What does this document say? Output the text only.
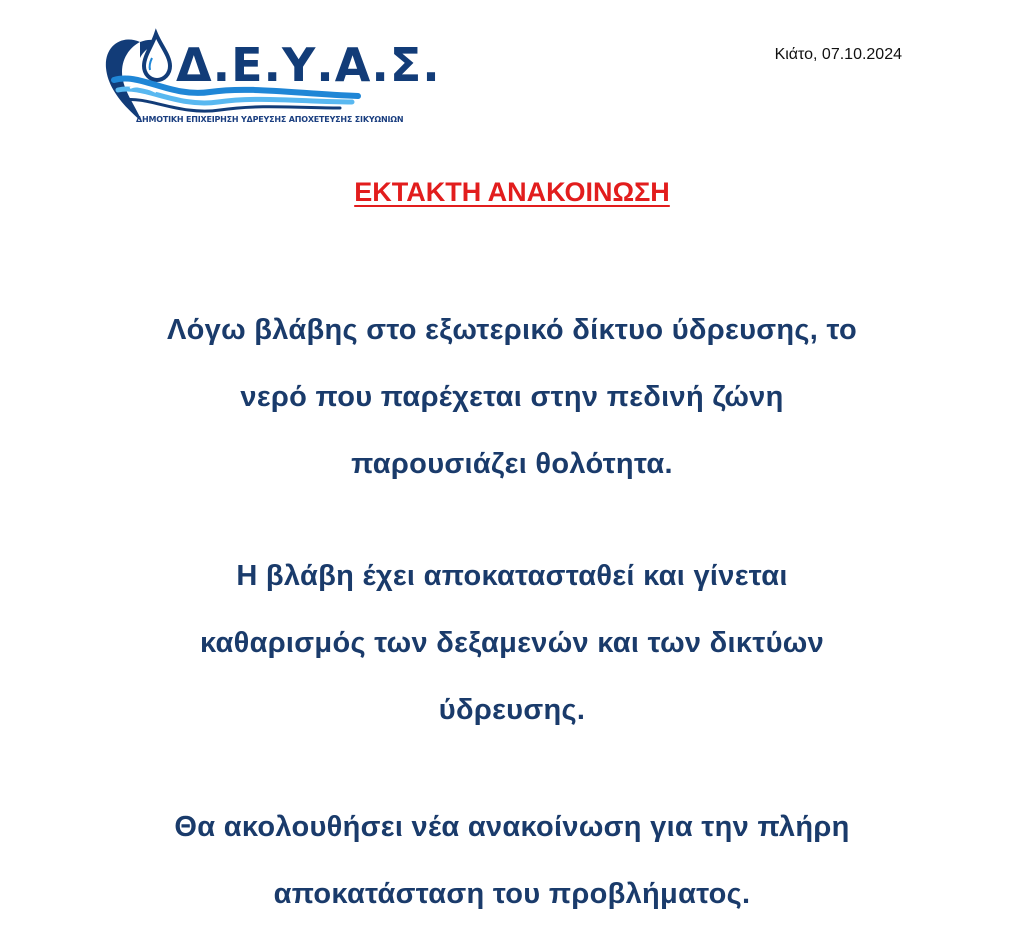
Δ.Ε.Υ.Α.Σ.
ΔΗΜΟΤΙΚΗ ΕΠΙΧΕΙΡΗΣΗ ΥΔΡΕΥΣΗΣ ΑΠΟΧΕΤΕΥΣΗΣ ΣΙΚΥΩΝΙΩΝ
Κιάτο, 07.10.2024
ΕΚΤΑΚΤΗ ΑΝΑΚΟΙΝΩΣΗ
Λόγω βλάβης στο εξωτερικό δίκτυο ύδρευσης, το
νερό που παρέχεται στην πεδινή ζώνη
παρουσιάζει θολότητα.
Η βλάβη έχει αποκατασταθεί και γίνεται
καθαρισμός των δεξαμενών και των δικτύων
ύδρευσης.
Θα ακολουθήσει νέα ανακοίνωση για την πλήρη
αποκατάσταση του προβλήματος.
